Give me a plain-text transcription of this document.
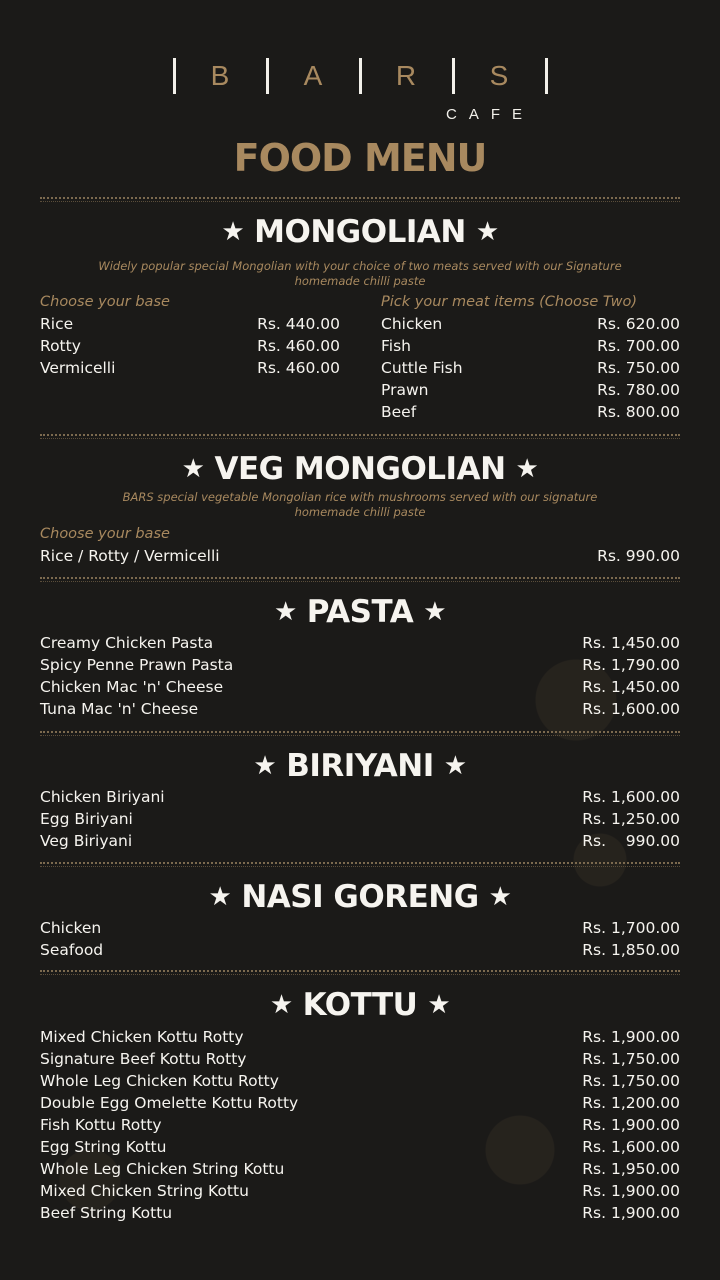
B	A	R	S
CAFE
FOOD MENU
★ MONGOLIAN ★
Widely popular special Mongolian with your choice of two meats served with our Signature homemade chilli paste
Choose your base	Pick your meat items (Choose Two)
Rice	Rs. 440.00
Rotty	Rs. 460.00
Vermicelli	Rs. 460.00
Chicken	Rs. 620.00
Fish	Rs. 700.00
Cuttle Fish	Rs. 750.00
Prawn	Rs. 780.00
Beef	Rs. 800.00
★ VEG MONGOLIAN ★
BARS special vegetable Mongolian rice with mushrooms served with our signature homemade chilli paste
Choose your base
Rice / Rotty / Vermicelli	Rs. 990.00
★ PASTA ★
Creamy Chicken Pasta	Rs. 1,450.00
Spicy Penne Prawn Pasta	Rs. 1,790.00
Chicken Mac 'n' Cheese	Rs. 1,450.00
Tuna Mac 'n' Cheese	Rs. 1,600.00
★ BIRIYANI ★
Chicken Biriyani	Rs. 1,600.00
Egg Biriyani	Rs. 1,250.00
Veg Biriyani	Rs.    990.00
★ NASI GORENG ★
Chicken	Rs. 1,700.00
Seafood	Rs. 1,850.00
★ KOTTU ★
Mixed Chicken Kottu Rotty	Rs. 1,900.00
Signature Beef Kottu Rotty	Rs. 1,750.00
Whole Leg Chicken Kottu Rotty	Rs. 1,750.00
Double Egg Omelette Kottu Rotty	Rs. 1,200.00
Fish Kottu Rotty	Rs. 1,900.00
Egg String Kottu	Rs. 1,600.00
Whole Leg Chicken String Kottu	Rs. 1,950.00
Mixed Chicken String Kottu	Rs. 1,900.00
Beef String Kottu	Rs. 1,900.00
